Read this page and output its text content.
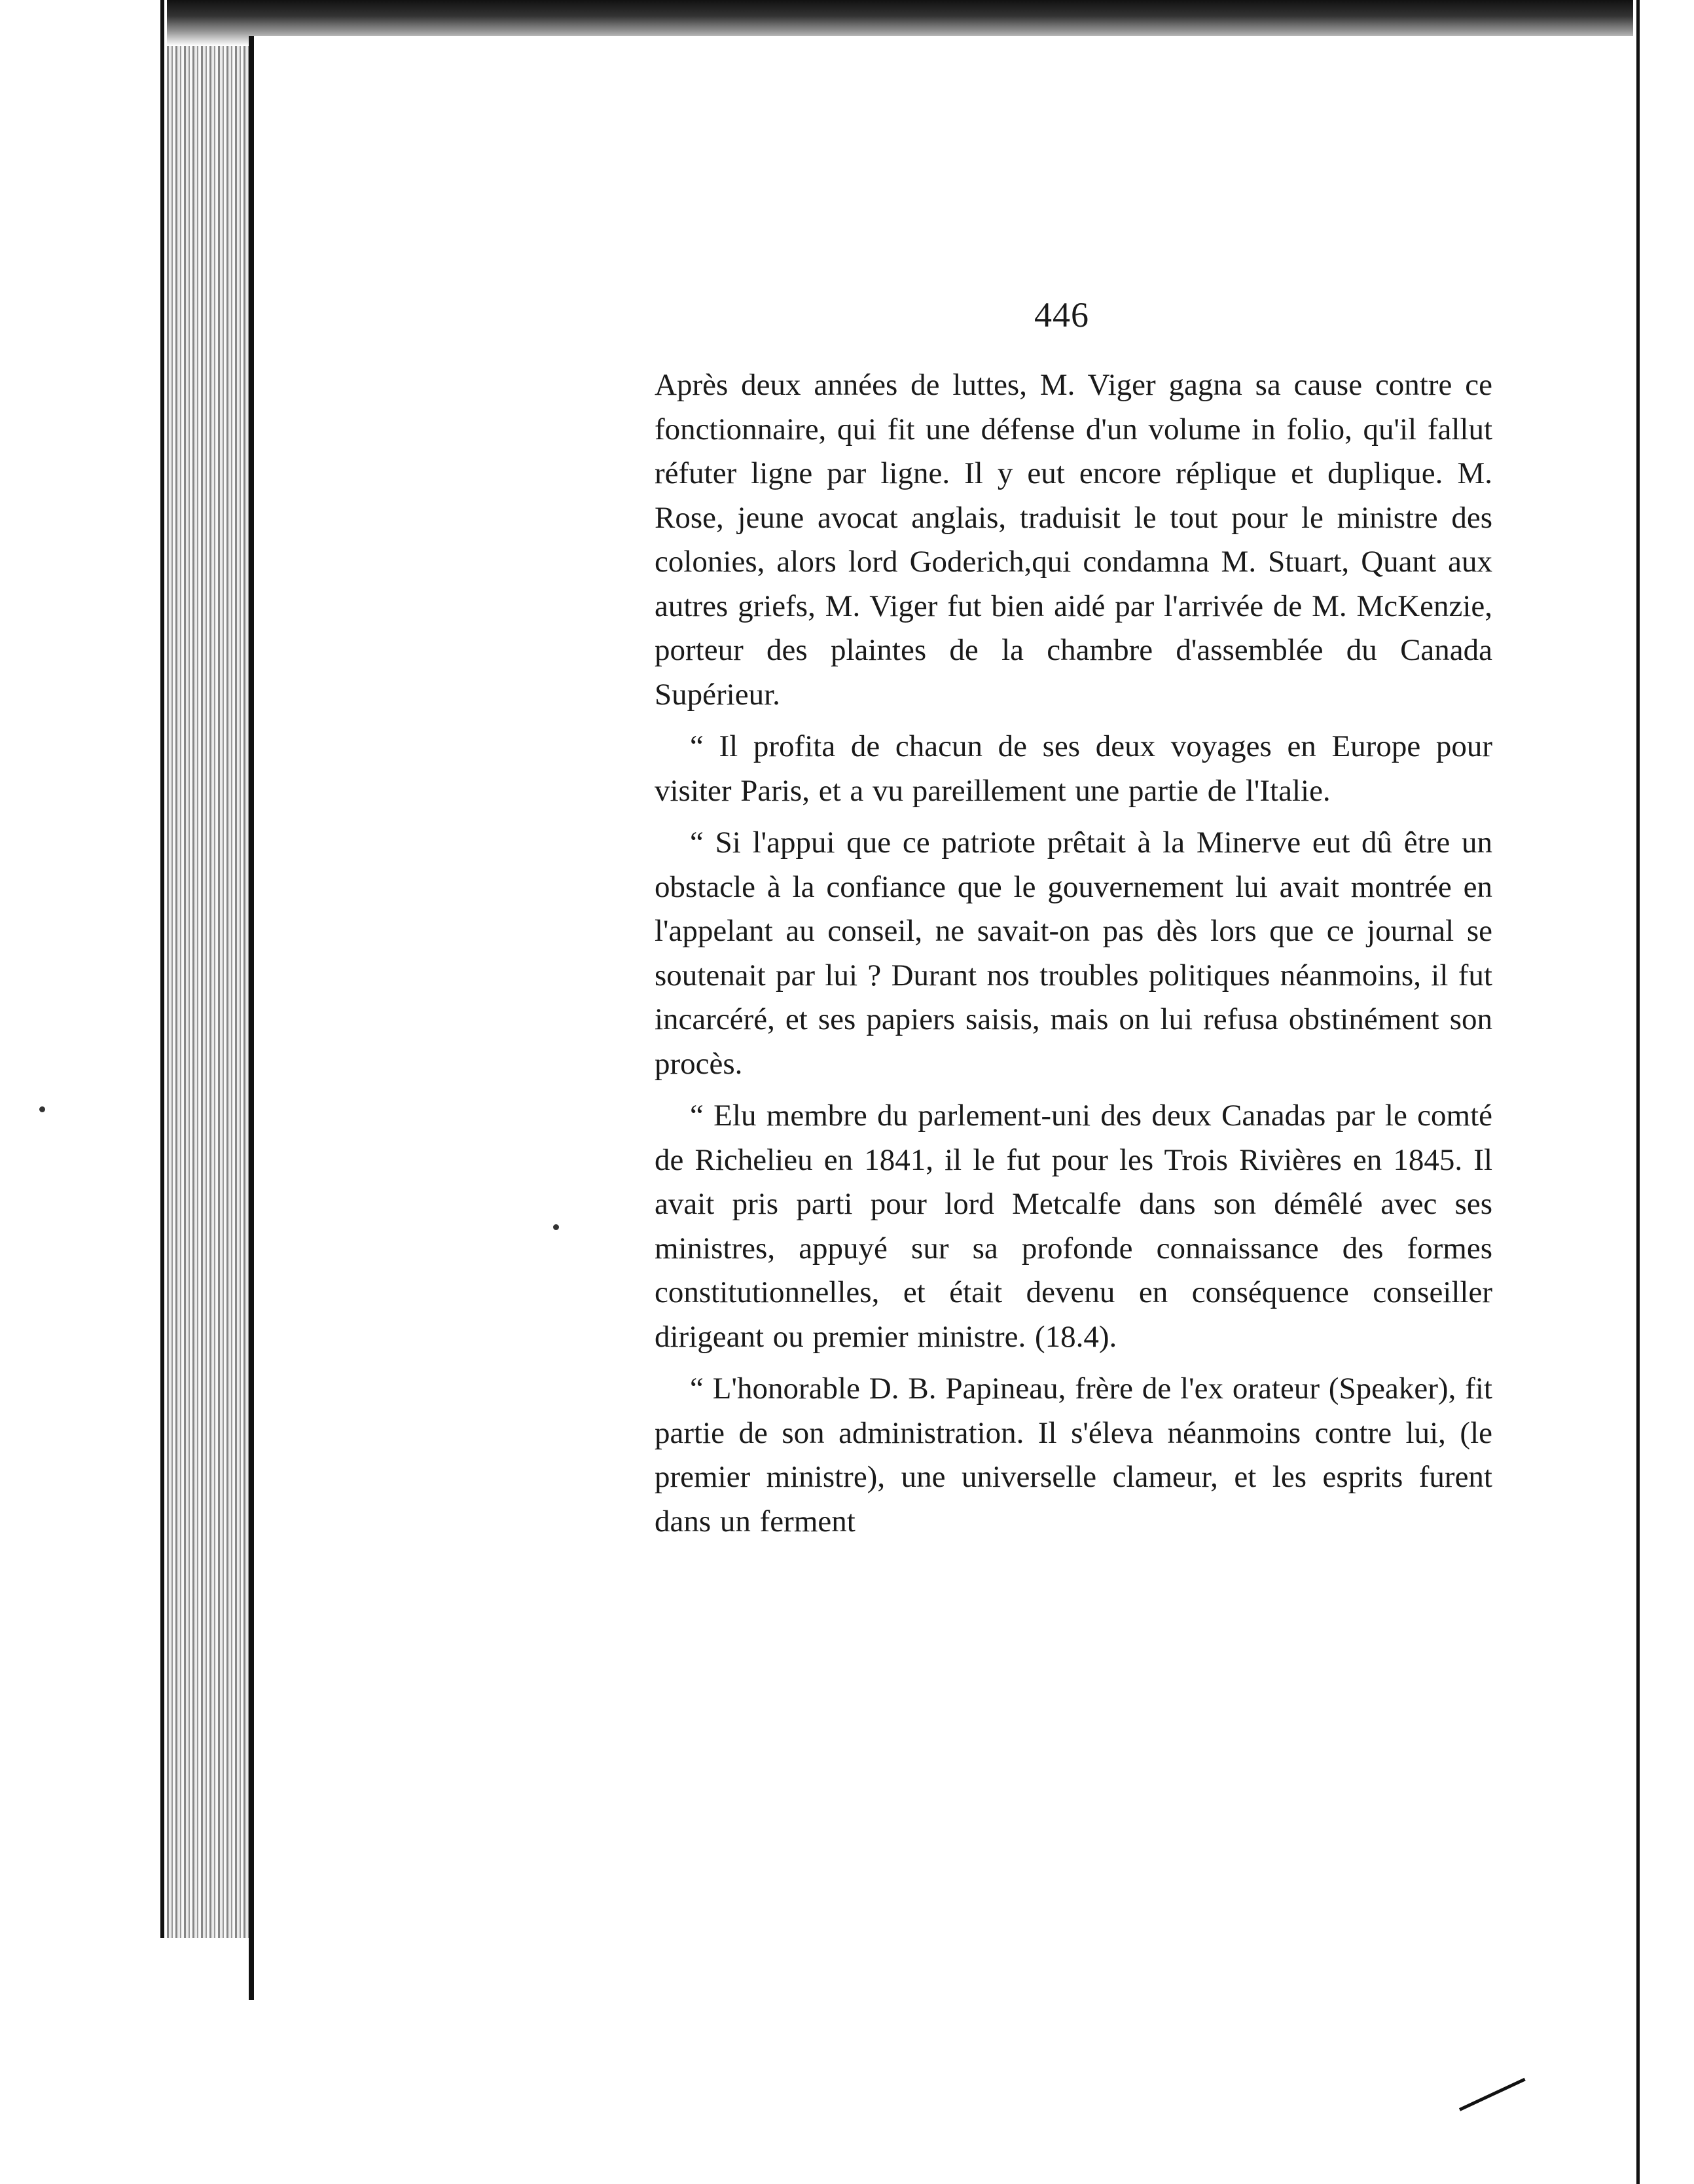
446

Après deux années de luttes, M. Viger gagna sa cause contre ce fonctionnaire, qui fit une défense d'un volume in folio, qu'il fallut réfuter ligne par ligne. Il y eut encore réplique et duplique. M. Rose, jeune avocat anglais, traduisit le tout pour le ministre des colonies, alors lord Goderich,qui condamna M. Stuart, Quant aux autres griefs, M. Viger fut bien aidé par l'arrivée de M. McKenzie, porteur des plaintes de la chambre d'assemblée du Canada Supérieur.

“ Il profita de chacun de ses deux voyages en Europe pour visiter Paris, et a vu pareillement une partie de l'Italie.

“ Si l'appui que ce patriote prêtait à la Minerve eut dû être un obstacle à la confiance que le gouvernement lui avait montrée en l'appelant au conseil, ne savait-on pas dès lors que ce journal se soutenait par lui ? Durant nos troubles politiques néanmoins, il fut incarcéré, et ses papiers saisis, mais on lui refusa obstinément son procès.

“ Elu membre du parlement-uni des deux Canadas par le comté de Richelieu en 1841, il le fut pour les Trois Rivières en 1845. Il avait pris parti pour lord Metcalfe dans son démêlé avec ses ministres, appuyé sur sa profonde connaissance des formes constitutionnelles, et était devenu en conséquence conseiller dirigeant ou premier ministre. (18.4).

“ L'honorable D. B. Papineau, frère de l'ex orateur (Speaker), fit partie de son administration. Il s'éleva néanmoins contre lui, (le premier ministre), une universelle clameur, et les esprits furent dans un ferment
